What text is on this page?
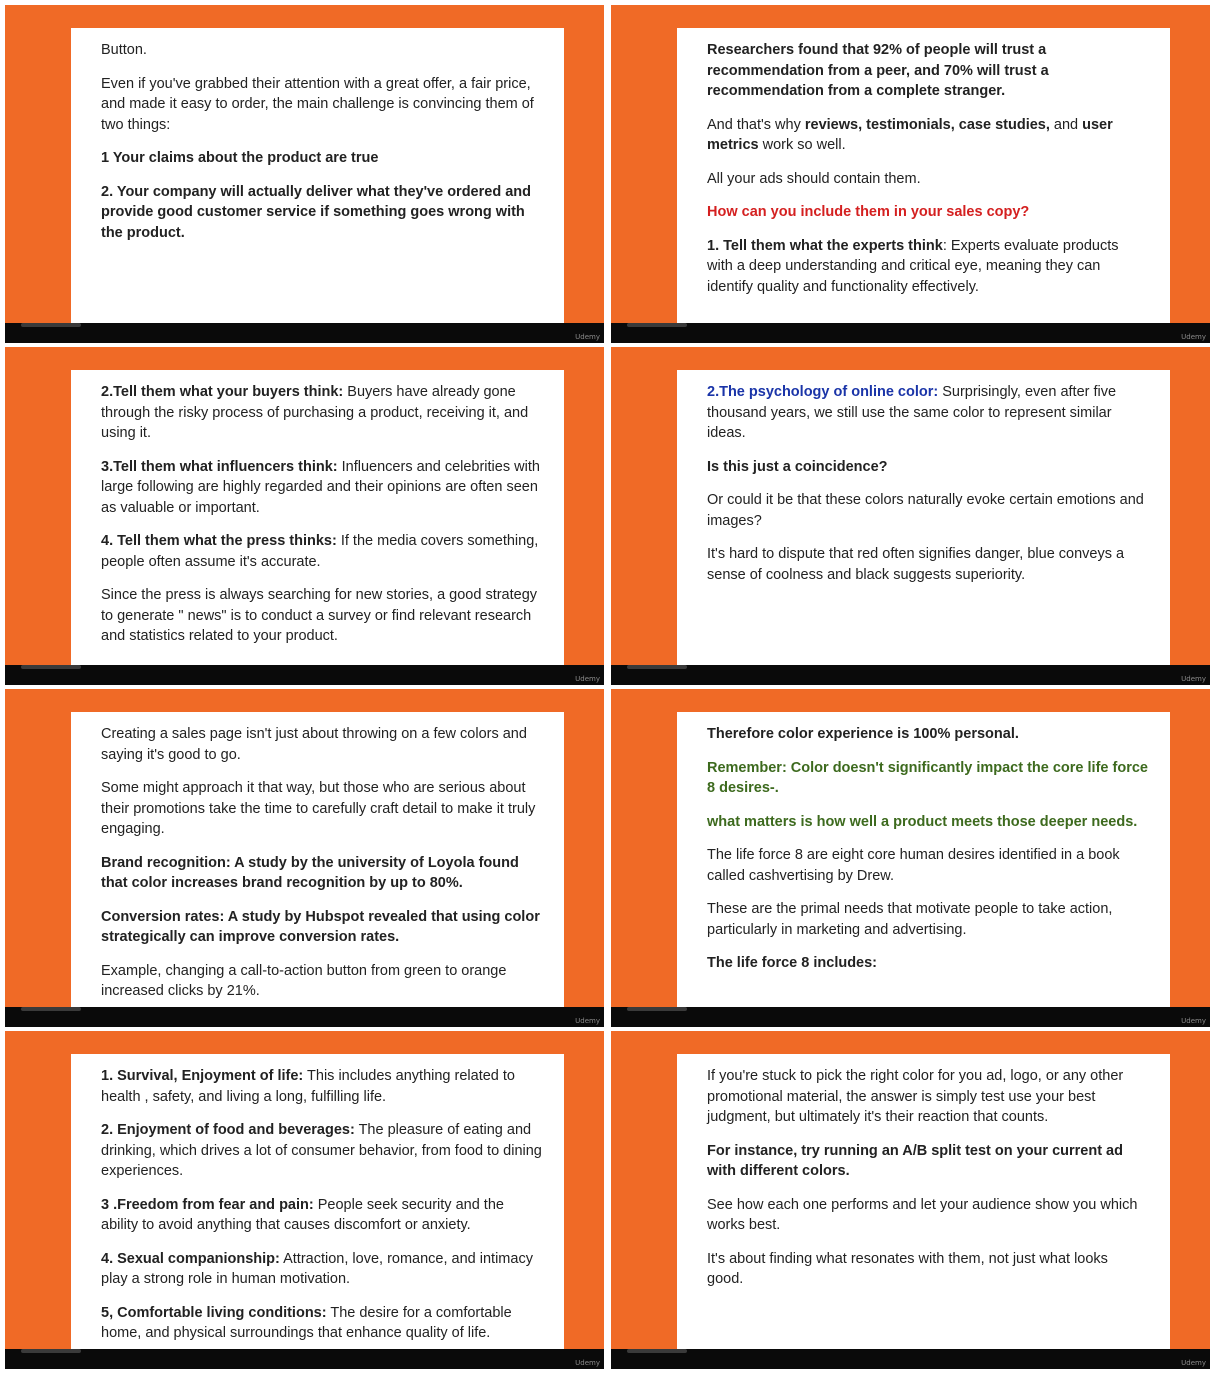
Button.

Even if you've grabbed their attention with a great offer, a fair price, and made it easy to order, the main challenge is convincing them of two things:

1 Your claims about the product are true

2. Your company will actually deliver what they've ordered and provide good customer service if something goes wrong with the product.

Udemy

Researchers found that 92% of people will trust a recommendation from a peer, and 70% will trust a recommendation from a complete stranger.

And that's why reviews, testimonials, case studies, and user metrics work so well.

All your ads should contain them.

How can you include them in your sales copy?

1. Tell them what the experts think: Experts evaluate products with a deep understanding and critical eye, meaning they can identify quality and functionality effectively.

Udemy

2.Tell them what your buyers think: Buyers have already gone through the risky process of purchasing a product, receiving it, and using it.

3.Tell them what influencers think: Influencers and celebrities with large following are highly regarded and their opinions are often seen as valuable or important.

4. Tell them what the press thinks: If the media covers something, people often assume it's accurate.

Since the press is always searching for new stories, a good strategy to generate " news" is to conduct a survey or find relevant research and statistics related to your product.

Udemy

2.The psychology of online color: Surprisingly, even after five thousand years, we still use the same color to represent similar ideas.

Is this just a coincidence?

Or could it be that these colors naturally evoke certain emotions and images?

It's hard to dispute that red often signifies danger, blue conveys a sense of coolness and black suggests superiority.

Udemy

Creating a sales page isn't just about throwing on a few colors and saying it's good to go.

Some might approach it that way, but those who are serious about their promotions take the time to carefully craft detail to make it truly engaging.

Brand recognition: A study by the university of Loyola found that color increases brand recognition by up to 80%.

Conversion rates: A study by Hubspot revealed that using color strategically can improve conversion rates.

Example, changing a call-to-action button from green to orange increased clicks by 21%.

Udemy

Therefore color experience is 100% personal.

Remember: Color doesn't significantly impact the core life force 8 desires-.

what matters is how well a product meets those deeper needs.

The life force 8 are eight core human desires identified in a book called cashvertising by Drew.

These are the primal needs that motivate people to take action, particularly in marketing and advertising.

The life force 8 includes:

Udemy

1. Survival, Enjoyment of life: This includes anything related to health , safety, and living a long, fulfilling life.

2. Enjoyment of food and beverages: The pleasure of eating and drinking, which drives a lot of consumer behavior, from food to dining experiences.

3 .Freedom from fear and pain: People seek security and the ability to avoid anything that causes discomfort or anxiety.

4. Sexual companionship: Attraction, love, romance, and intimacy play a strong role in human motivation.

5, Comfortable living conditions: The desire for a comfortable home, and physical surroundings that enhance quality of life.

Udemy

If you're stuck to pick the right color for you ad, logo, or any other promotional material, the answer is simply test use your best judgment, but ultimately it's their reaction that counts.

For instance, try running an A/B split test on your current ad with different colors.

See how each one performs and let your audience show you which works best.

It's about finding what resonates with them, not just what looks good.

Udemy
